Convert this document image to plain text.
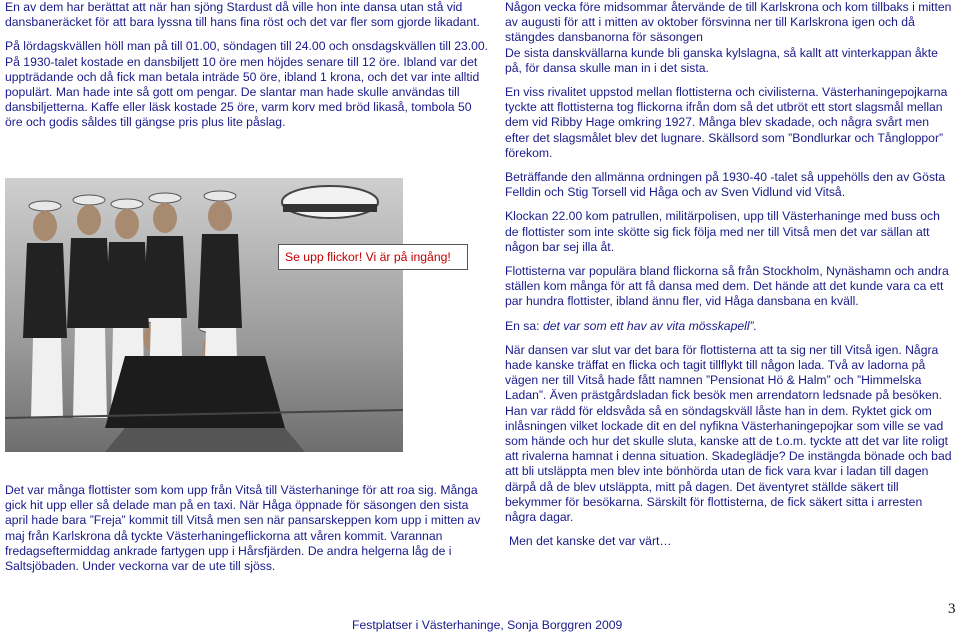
En av dem har berättat att när han sjöng Stardust då ville hon inte dansa utan stå vid dansbaneräcket för att bara lyssna till hans fina röst och det var fler som gjorde likadant.

På lördagskvällen höll man på till 01.00, söndagen till 24.00 och onsdagskvällen till 23.00. På 1930-talet kostade en dansbiljett 10 öre men höjdes senare till 12 öre. Ibland var det uppträdande och då fick man betala inträde 50 öre, ibland 1 krona, och det var inte alltid populärt. Man hade inte så gott om pengar. De slantar man hade skulle användas till dansbiljetterna. Kaffe eller läsk kostade 25 öre, varm korv med bröd likaså, tombola 50 öre och godis såldes till gängse pris plus lite påslag.

Se upp flickor! Vi är på ingång!

Det var många flottister som kom upp från Vitså till Västerhaninge för att roa sig. Många gick hit upp eller så delade man på en taxi. När Håga öppnade för säsongen den sista april hade bara ”Freja” kommit till Vitså men sen när pansarskeppen kom upp i mitten av maj från Karlskrona då tyckte Västerhaningeflickorna att våren kommit. Varannan fredagseftermiddag ankrade fartygen upp i Hårsfjärden. De andra helgerna låg de i Saltsjöbaden. Under veckorna var de ute till sjöss.

Någon vecka före midsommar återvände de till Karlskrona och kom tillbaks i mitten av augusti för att i mitten av oktober försvinna ner till Karlskrona igen och då stängdes dansbanorna för säsongen

De sista danskvällarna kunde bli ganska kylslagna, så kallt att vinterkappan åkte på, för dansa skulle man in i det sista.

En viss rivalitet uppstod mellan flottisterna och civilisterna. Västerhaningepojkarna tyckte att flottisterna tog flickorna ifrån dom så det utbröt ett stort slagsmål mellan dem vid Ribby Hage omkring 1927. Många blev skadade, och några svårt men efter det slagsmålet blev det lugnare. Skällsord som ”Bondlurkar och Tångloppor” förekom.

Beträffande den allmänna ordningen på 1930-40 -talet så uppehölls den av Gösta Felldin och Stig Torsell vid Håga och av Sven Vidlund vid Vitså.

Klockan 22.00 kom patrullen, militärpolisen, upp till Västerhaninge med buss och de flottister som inte skötte sig fick följa med ner till Vitså men det var sällan att någon bar sej illa åt.

Flottisterna var populära bland flickorna så från Stockholm, Nynäshamn och andra ställen kom många för att få dansa med dem. Det hände att det kunde vara ca ett par hundra flottister, ibland ännu fler, vid Håga dansbana en kväll.

En sa: det var som ett hav av vita mösskapell”.

När dansen var slut var det bara för flottisterna att ta sig ner till Vitså igen. Några hade kanske träffat en flicka och tagit tillflykt till någon lada. Två av ladorna på vägen ner till Vitså hade fått namnen ”Pensionat Hö & Halm” och ”Himmelska Ladan”. Även prästgårdsladan fick besök men arrendatorn ledsnade på besöken. Han var rädd för eldsvåda så en söndagskväll låste han in dem. Ryktet gick om inlåsningen vilket lockade dit en del nyfikna Västerhaningepojkar som ville se vad som hände och hur det skulle sluta, kanske att de t.o.m. tyckte att det var lite roligt att rivalerna hamnat i denna situation. Skadeglädje? De instängda bönade och bad att bli utsläppta men blev inte bönhörda utan de fick vara kvar i ladan till dagen därpå då de blev utsläppta, mitt på dagen. Det äventyret ställde säkert till bekymmer för besökarna. Särskilt för flottisterna, de fick säkert sitta i arresten några dagar.

Men det kanske det var värt…

Festplatser i Västerhaninge, Sonja Borggren 2009
3
